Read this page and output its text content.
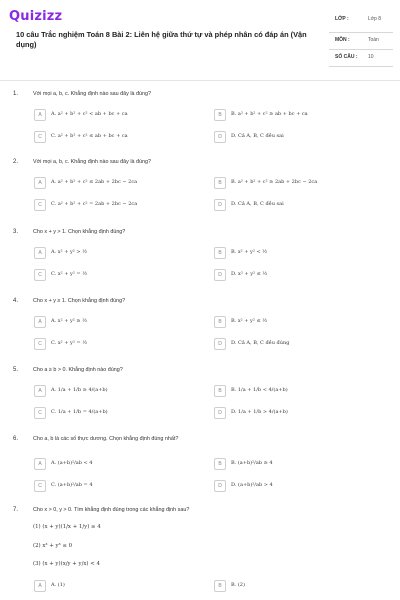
Quizizz
10 câu Trắc nghiệm Toán 8 Bài 2: Liên hệ giữa thứ tự và phép nhân có đáp án (Vận dụng)
LỚP :	Lớp 8
MÔN :	Toán
SỐ CÂU : 10
1.	Với mọi a, b, c. Khẳng định nào sau đây là đúng?
A	A. a² + b² + c² < ab + bc + ca	B	B. a² + b² + c² ≥ ab + bc + ca
C	C. a² + b² + c² ≤ ab + bc + ca	D	D. Cả A, B, C đều sai
2.	Với mọi a, b, c. Khẳng định nào sau đây là đúng?
A	A. a² + b² + c² ≤ 2ab + 2bc − 2ca	B	B. a² + b² + c² ≥ 2ab + 2bc − 2ca
C	C. a² + b² + c² = 2ab + 2bc − 2ca	D	D. Cả A, B, C đều sai
3.	Cho x + y > 1. Chọn khẳng định đúng?
A	A. x² + y² > ½	B	B. x² + y² < ½
C	C. x² + y² = ½	D	D. x² + y² ≤ ½
4.	Cho x + y ≥ 1. Chọn khẳng định đúng?
A	A. x² + y² ≥ ½	B	B. x² + y² ≤ ½
C	C. x² + y² = ½	D	D. Cả A, B, C đều đúng
5.	Cho a ≥ b > 0. Khẳng định nào đúng?
A	A. 1/a + 1/b ≥ 4/(a+b)	B	B. 1/a + 1/b < 4/(a+b)
C	C. 1/a + 1/b = 4/(a+b)	D	D. 1/a + 1/b > 4/(a+b)
6.	Cho a, b là các số thực dương. Chọn khẳng định đúng nhất?
A	A. (a+b)²/ab < 4	B	B. (a+b)²/ab ≥ 4
C	C. (a+b)²/ab = 4	D	D. (a+b)²/ab > 4
7.	Cho x > 0, y > 0. Tìm khẳng định đúng trong các khẳng định sau?
(1) (x + y)(1/x + 1/y) ≥ 4
(2) x³ + y³ ≤ 0
(3) (x + y)(x/y + y/x) < 4
A	A. (1)	B	B. (2)
